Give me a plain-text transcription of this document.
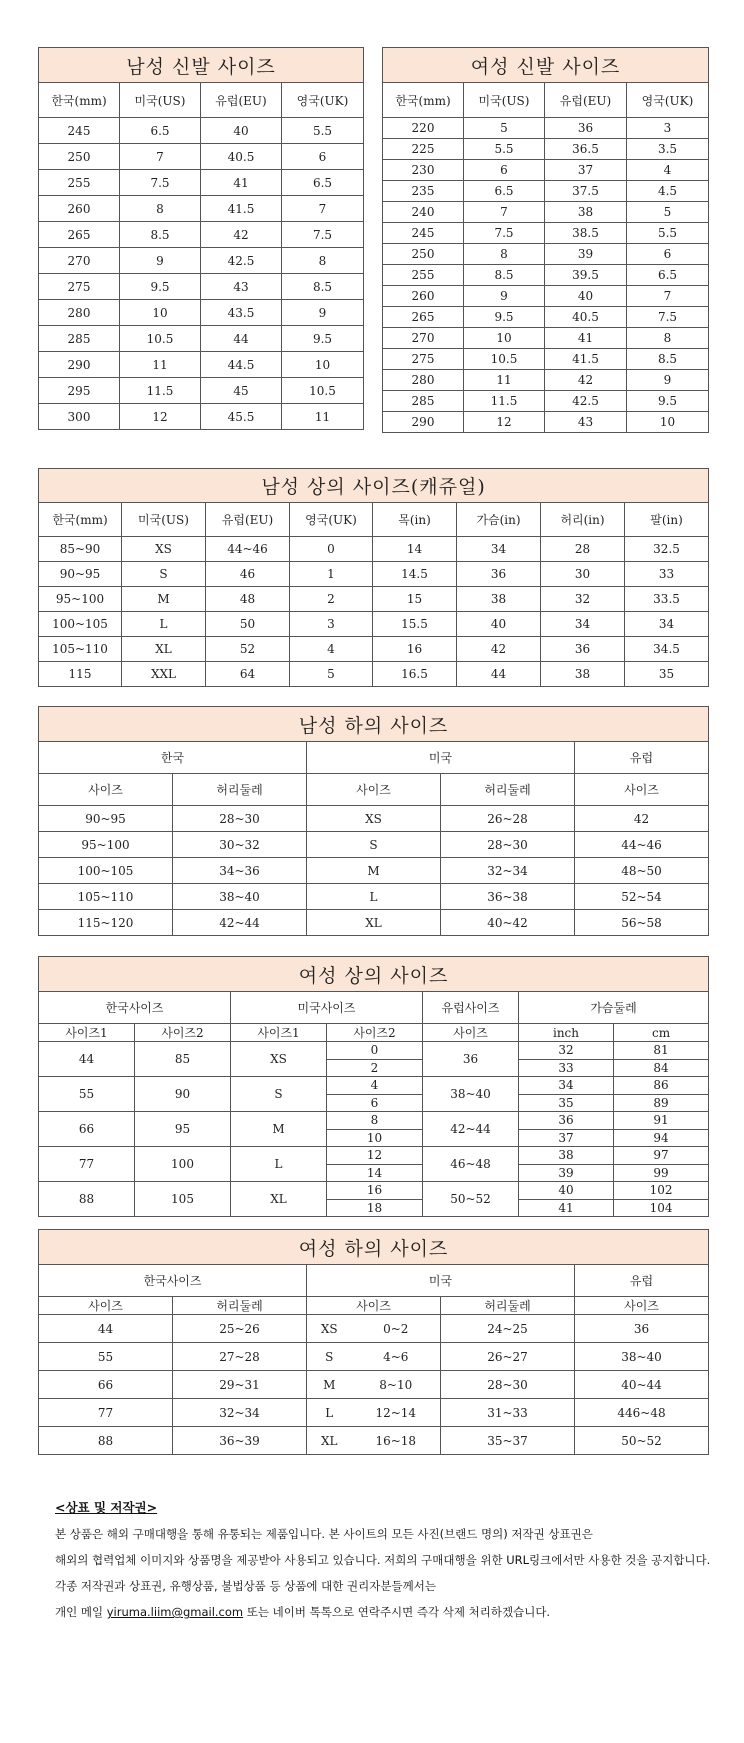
남성 신발 사이즈			
한국(mm)	미국(US)	유럽(EU)	영국(UK)
245	6.5	40	5.5
250	7	40.5	6
255	7.5	41	6.5
260	8	41.5	7
265	8.5	42	7.5
270	9	42.5	8
275	9.5	43	8.5
280	10	43.5	9
285	10.5	44	9.5
290	11	44.5	10
295	11.5	45	10.5
300	12	45.5	11
여성 신발 사이즈			
한국(mm)	미국(US)	유럽(EU)	영국(UK)
220	5	36	3
225	5.5	36.5	3.5
230	6	37	4
235	6.5	37.5	4.5
240	7	38	5
245	7.5	38.5	5.5
250	8	39	6
255	8.5	39.5	6.5
260	9	40	7
265	9.5	40.5	7.5
270	10	41	8
275	10.5	41.5	8.5
280	11	42	9
285	11.5	42.5	9.5
290	12	43	10
남성 상의 사이즈(캐쥬얼)							
한국(mm)	미국(US)	유럽(EU)	영국(UK)	목(in)	가슴(in)	허리(in)	팔(in)
85~90	XS	44~46	0	14	34	28	32.5
90~95	S	46	1	14.5	36	30	33
95~100	M	48	2	15	38	32	33.5
100~105	L	50	3	15.5	40	34	34
105~110	XL	52	4	16	42	36	34.5
115	XXL	64	5	16.5	44	38	35
남성 하의 사이즈				
한국		미국		유럽
사이즈	허리둘레	사이즈	허리둘레	사이즈
90~95	28~30	XS	26~28	42
95~100	30~32	S	28~30	44~46
100~105	34~36	M	32~34	48~50
105~110	38~40	L	36~38	52~54
115~120	42~44	XL	40~42	56~58
여성 상의 사이즈						
한국사이즈		미국사이즈		유럽사이즈	가슴둘레	
사이즈1	사이즈2	사이즈1	사이즈2	사이즈	inch	cm
44	85	XS	0	36	32	81
			2		33	84
55	90	S	4	38~40	34	86
			6		35	89
66	95	M	8	42~44	36	91
			10		37	94
77	100	L	12	46~48	38	97
			14		39	99
88	105	XL	16	50~52	40	102
			18		41	104
여성 하의 사이즈					
한국사이즈		미국			유럽
사이즈	허리둘레	사이즈		허리둘레	사이즈
44	25~26	XS	0~2	24~25	36
55	27~28	S	4~6	26~27	38~40
66	29~31	M	8~10	28~30	40~44
77	32~34	L	12~14	31~33	446~48
88	36~39	XL	16~18	35~37	50~52
<상표 및 저작권>
본 상품은 해외 구매대행을 통해 유통되는 제품입니다. 본 사이트의 모든 사진(브랜드 명의) 저작권 상표권은
해외의 협력업체 이미지와 상품명을 제공받아 사용되고 있습니다. 저희의 구매대행을 위한 URL링크에서만 사용한 것을 공지합니다.
각종 저작권과 상표권, 유행상품, 불법상품 등 상품에 대한 권리자분들께서는
개인 메일 yiruma.liim@gmail.com 또는 네이버 톡톡으로 연락주시면 즉각 삭제 처리하겠습니다.
